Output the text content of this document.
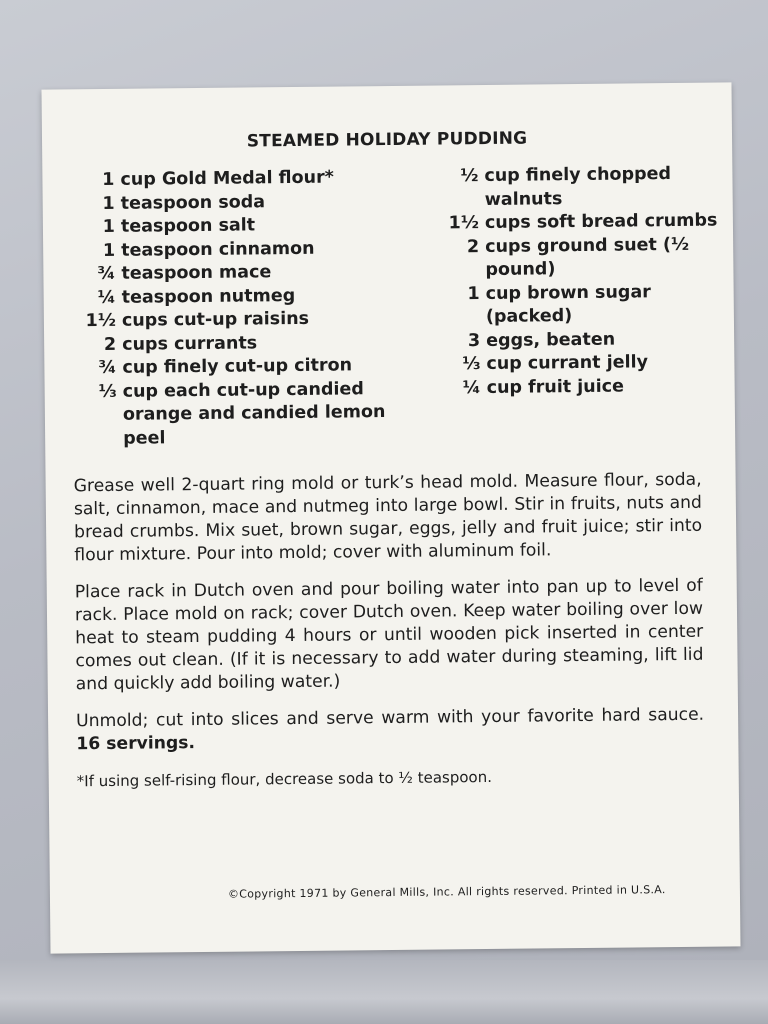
STEAMED HOLIDAY PUDDING
1 cup Gold Medal flour*
1 teaspoon soda
1 teaspoon salt
1 teaspoon cinnamon
¾ teaspoon mace
¼ teaspoon nutmeg
1½ cups cut-up raisins
2 cups currants
¾ cup finely cut-up citron
⅓ cup each cut-up candied orange and candied lemon peel
½ cup finely chopped walnuts
1½ cups soft bread crumbs
2 cups ground suet (½ pound)
1 cup brown sugar (packed)
3 eggs, beaten
⅓ cup currant jelly
¼ cup fruit juice

Grease well 2-quart ring mold or turk’s head mold. Measure flour, soda, salt, cinnamon, mace and nutmeg into large bowl. Stir in fruits, nuts and bread crumbs. Mix suet, brown sugar, eggs, jelly and fruit juice; stir into flour mixture. Pour into mold; cover with aluminum foil.

Place rack in Dutch oven and pour boiling water into pan up to level of rack. Place mold on rack; cover Dutch oven. Keep water boiling over low heat to steam pudding 4 hours or until wooden pick inserted in center comes out clean. (If it is necessary to add water during steaming, lift lid and quickly add boiling water.)

Unmold; cut into slices and serve warm with your favorite hard sauce. 16 servings.

*If using self-rising flour, decrease soda to ½ teaspoon.

©Copyright 1971 by General Mills, Inc. All rights reserved. Printed in U.S.A.
